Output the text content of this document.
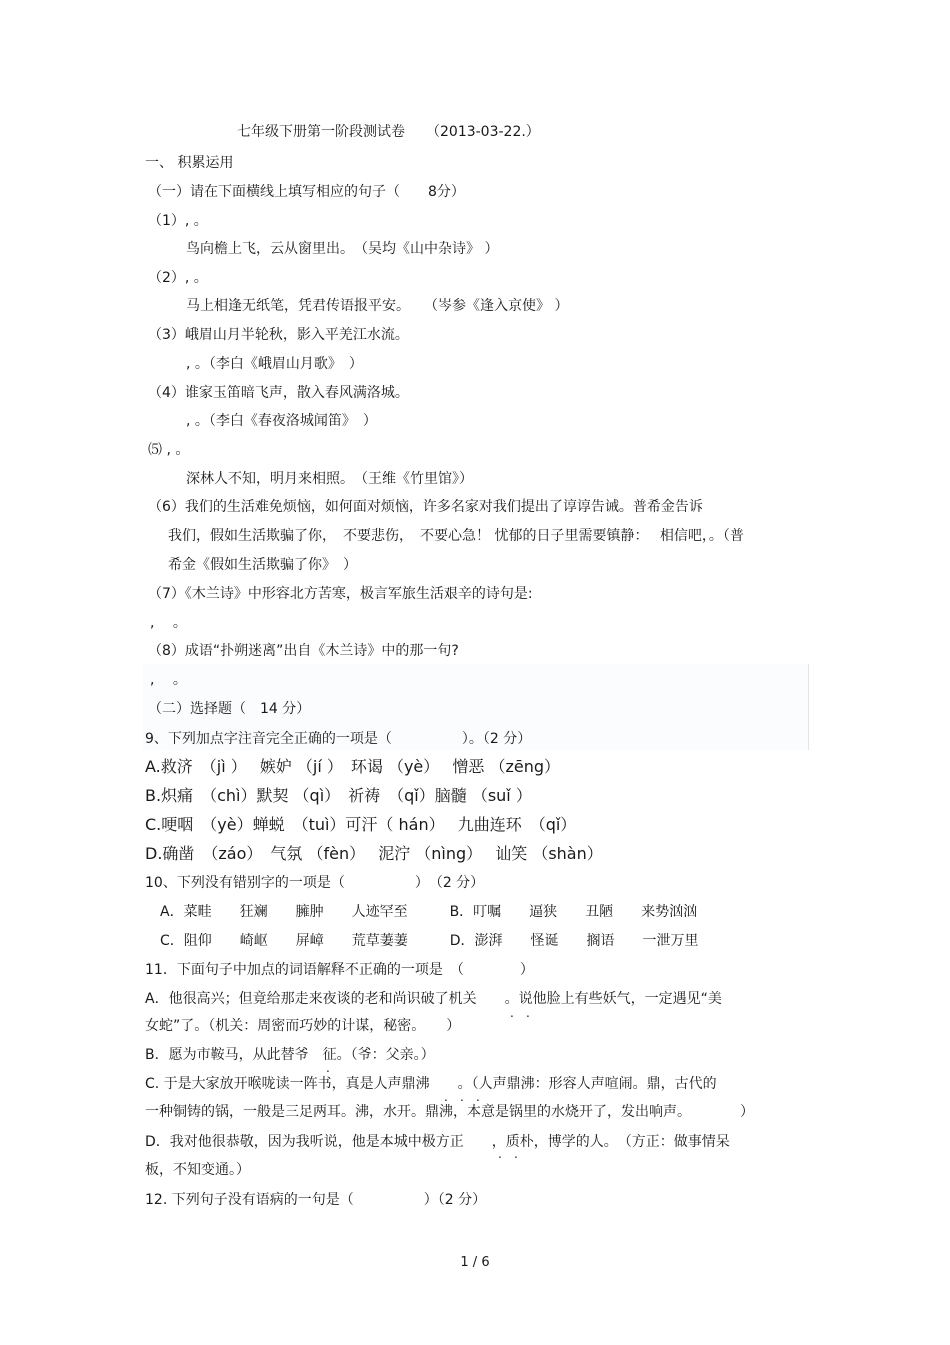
七年级下册第一阶段测试卷　　（2013-03-22.）
一、 积累运用
（一）请在下面横线上填写相应的句子（　　8分）
（1）, 。
鸟向檐上飞，云从窗里出。　（吴均《山中杂诗》 ）
（2）, 。
马上相逢无纸笔，凭君传语报平安。　　（岑参《逢入京使》 ）
（3）峨眉山月半轮秋，影入平羌江水流。
, 。（李白《峨眉山月歌》　）
（4）谁家玉笛暗飞声，散入春风满洛城。
, 。（李白《春夜洛城闻笛》　）
⑸ , 。
深林人不知，明月来相照。　（王维《竹里馆》）
（6）我们的生活难免烦恼，如何面对烦恼，许多名家对我们提出了谆谆告诫。普希金告诉
我们，假如生活欺骗了你，　不要悲伤，　不要心急！ 忧郁的日子里需要镇静：　 相信吧，。（普
希金《假如生活欺骗了你》　）
（7）《木兰诗》中形容北方苦寒，极言军旅生活艰辛的诗句是:
,　 。
（8）成语“扑朔迷离”出自《木兰诗》中的那一句?
,　 。
（二）选择题（　14 分）
9、下列加点字注音完全正确的一项是（　　　　　）。（2 分）
A.救济　（jì ）　 嫉妒 （jí ）　环谒 （yè）　 憎恶 （zēng）
B.炽痛　（chì）默契 （qì）　祈祷　（qǐ）脑髓 （suǐ ）
C.哽咽　（yè）蝉蜕　（tuì）可汗（ hán）　 九曲连环　（qǐ）
D.确凿　（záo）　气氛 （fèn）　 泥泞 （nìng）　 讪笑 （shàn）
10、下列没有错别字的一项是（　　　　　）　（2 分）
A．菜畦　　狂斓　　臃肿　　人迹罕至　　　B．叮嘱　　逼狭　　丑陋　　来势汹汹
C．阻仰　　崎岖　　屏嶂　　荒草萋萋　　　D．澎湃　　怪诞　　搁语　　一泄万里
11．下面句子中加点的词语解释不正确的一项是　（　　　　）
A．他很高兴；但竟给那走来夜谈的老和尚识破了机关　　。说他脸上有些妖气，一定遇见“美
女蛇”了。（机关：周密而巧妙的计谋，秘密。　　）
B．愿为市鞍马，从此替爷　征。（爷：父亲。）
C. 于是大家放开喉咙读一阵书，真是人声鼎沸　　。（人声鼎沸：形容人声喧闹。鼎，古代的
一种铜铸的锅，一般是三足两耳。沸，水开。鼎沸，本意是锅里的水烧开了，发出响声。　　　　）
D．我对他很恭敬，因为我听说，他是本城中极方正　　，质朴，博学的人。　（方正：做事情呆
板，不知变通。）
12. 下列句子没有语病的一句是（　　　　　）（2 分）
. .
.
. . .
. .
1 / 6
